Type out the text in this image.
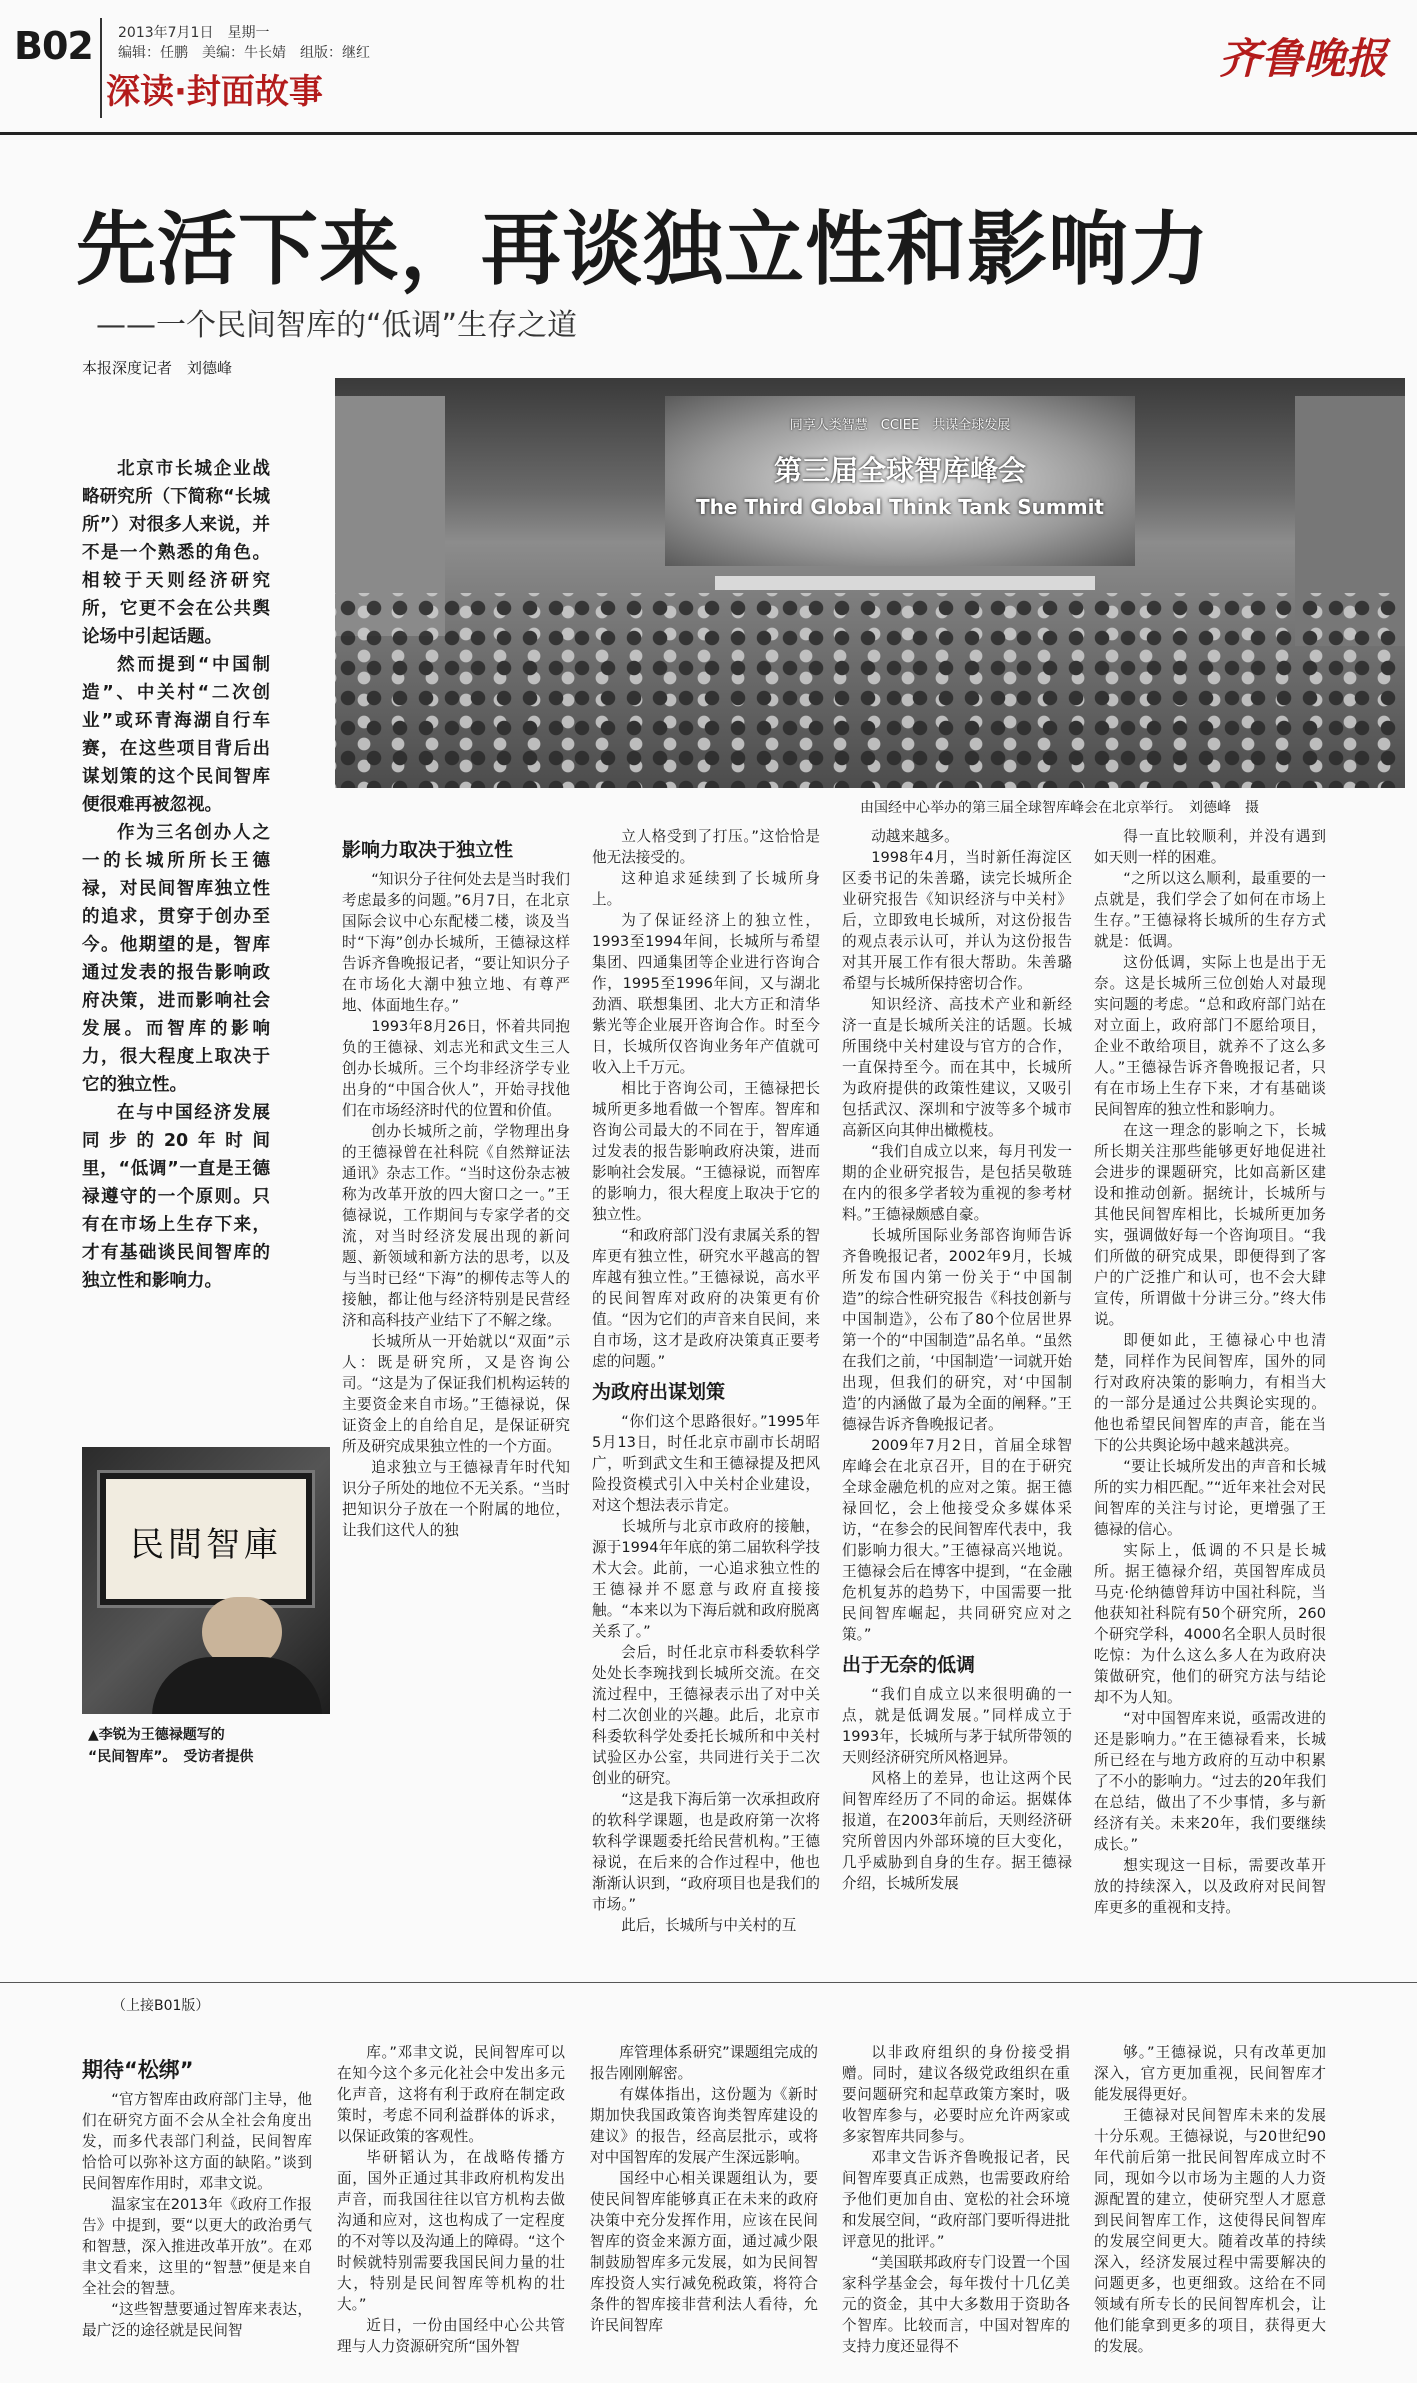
B02 2013年7月1日　星期一
编辑：任鹏　美编：牛长婧　组版：继红
深读·封面故事
齐鲁晚报
先活下来，再谈独立性和影响力
——一个民间智库的“低调”生存之道
本报深度记者　刘德峰

北京市长城企业战略研究所（下简称“长城所”）对很多人来说，并不是一个熟悉的角色。相较于天则经济研究所，它更不会在公共舆论场中引起话题。

然而提到“中国制造”、中关村“二次创业”或环青海湖自行车赛，在这些项目背后出谋划策的这个民间智库便很难再被忽视。

作为三名创办人之一的长城所所长王德禄，对民间智库独立性的追求，贯穿于创办至今。他期望的是，智库通过发表的报告影响政府决策，进而影响社会发展。而智库的影响力，很大程度上取决于它的独立性。

在与中国经济发展同步的20年时间里，“低调”一直是王德禄遵守的一个原则。只有在市场上生存下来，才有基础谈民间智库的独立性和影响力。

同享人类智慧　CCIEE　共谋全球发展
第三届全球智库峰会
The Third Global Think Tank Summit
由国经中心举办的第三届全球智库峰会在北京举行。　刘德峰　摄
民間智庫
▲李锐为王德禄题写的
“民间智库”。　受访者提供
影响力取决于独立性

“知识分子往何处去是当时我们考虑最多的问题。”6月7日，在北京国际会议中心东配楼二楼，谈及当时“下海”创办长城所，王德禄这样告诉齐鲁晚报记者，“要让知识分子在市场化大潮中独立地、有尊严地、体面地生存。”

1993年8月26日，怀着共同抱负的王德禄、刘志光和武文生三人创办长城所。三个均非经济学专业出身的“中国合伙人”，开始寻找他们在市场经济时代的位置和价值。

创办长城所之前，学物理出身的王德禄曾在社科院《自然辩证法通讯》杂志工作。“当时这份杂志被称为改革开放的四大窗口之一。”王德禄说，工作期间与专家学者的交流，对当时经济发展出现的新问题、新领域和新方法的思考，以及与当时已经“下海”的柳传志等人的接触，都让他与经济特别是民营经济和高科技产业结下了不解之缘。

长城所从一开始就以“双面”示人：既是研究所，又是咨询公司。“这是为了保证我们机构运转的主要资金来自市场。”王德禄说，保证资金上的自给自足，是保证研究所及研究成果独立性的一个方面。

追求独立与王德禄青年时代知识分子所处的地位不无关系。“当时把知识分子放在一个附属的地位，让我们这代人的独

立人格受到了打压。”这恰恰是他无法接受的。

这种追求延续到了长城所身上。

为了保证经济上的独立性，1993至1994年间，长城所与希望集团、四通集团等企业进行咨询合作，1995至1996年间，又与湖北劲酒、联想集团、北大方正和清华紫光等企业展开咨询合作。时至今日，长城所仅咨询业务年产值就可收入上千万元。

相比于咨询公司，王德禄把长城所更多地看做一个智库。智库和咨询公司最大的不同在于，智库通过发表的报告影响政府决策，进而影响社会发展。“王德禄说，而智库的影响力，很大程度上取决于它的独立性。

“和政府部门没有隶属关系的智库更有独立性，研究水平越高的智库越有独立性。”王德禄说，高水平的民间智库对政府的决策更有价值。“因为它们的声音来自民间，来自市场，这才是政府决策真正要考虑的问题。”

为政府出谋划策

“你们这个思路很好。”1995年5月13日，时任北京市副市长胡昭广，听到武文生和王德禄提及把风险投资模式引入中关村企业建设，对这个想法表示肯定。

长城所与北京市政府的接触，源于1994年年底的第二届软科学技术大会。此前，一心追求独立性的王德禄并不愿意与政府直接接触。“本来以为下海后就和政府脱离关系了。”

会后，时任北京市科委软科学处处长李琬找到长城所交流。在交流过程中，王德禄表示出了对中关村二次创业的兴趣。此后，北京市科委软科学处委托长城所和中关村试验区办公室，共同进行关于二次创业的研究。

“这是我下海后第一次承担政府的软科学课题，也是政府第一次将软科学课题委托给民营机构。”王德禄说，在后来的合作过程中，他也渐渐认识到，“政府项目也是我们的市场。”

此后，长城所与中关村的互

动越来越多。

1998年4月，当时新任海淀区区委书记的朱善璐，读完长城所企业研究报告《知识经济与中关村》后，立即致电长城所，对这份报告的观点表示认可，并认为这份报告对其开展工作有很大帮助。朱善璐希望与长城所保持密切合作。

知识经济、高技术产业和新经济一直是长城所关注的话题。长城所围绕中关村建设与官方的合作，一直保持至今。而在其中，长城所为政府提供的政策性建议，又吸引包括武汉、深圳和宁波等多个城市高新区向其伸出橄榄枝。

“我们自成立以来，每月刊发一期的企业研究报告，是包括吴敬琏在内的很多学者较为重视的参考材料。”王德禄颇感自豪。

长城所国际业务部咨询师告诉齐鲁晚报记者，2002年9月，长城所发布国内第一份关于“中国制造”的综合性研究报告《科技创新与中国制造》，公布了80个位居世界第一个的“中国制造”品名单。“虽然在我们之前，‘中国制造’一词就开始出现，但我们的研究，对‘中国制造’的内涵做了最为全面的阐释。”王德禄告诉齐鲁晚报记者。

2009年7月2日，首届全球智库峰会在北京召开，目的在于研究全球金融危机的应对之策。据王德禄回忆，会上他接受众多媒体采访，“在参会的民间智库代表中，我们影响力很大。”王德禄高兴地说。王德禄会后在博客中提到，“在金融危机复苏的趋势下，中国需要一批民间智库崛起，共同研究应对之策。”

出于无奈的低调

“我们自成立以来很明确的一点，就是低调发展。”同样成立于1993年，长城所与茅于轼所带领的天则经济研究所风格迥异。

风格上的差异，也让这两个民间智库经历了不同的命运。据媒体报道，在2003年前后，天则经济研究所曾因内外部环境的巨大变化，几乎威胁到自身的生存。据王德禄介绍，长城所发展

得一直比较顺利，并没有遇到如天则一样的困难。

“之所以这么顺利，最重要的一点就是，我们学会了如何在市场上生存。”王德禄将长城所的生存方式就是：低调。

这份低调，实际上也是出于无奈。这是长城所三位创始人对最现实问题的考虑。“总和政府部门站在对立面上，政府部门不愿给项目，企业不敢给项目，就养不了这么多人。”王德禄告诉齐鲁晚报记者，只有在市场上生存下来，才有基础谈民间智库的独立性和影响力。

在这一理念的影响之下，长城所长期关注那些能够更好地促进社会进步的课题研究，比如高新区建设和推动创新。据统计，长城所与其他民间智库相比，长城所更加务实，强调做好每一个咨询项目。“我们所做的研究成果，即便得到了客户的广泛推广和认可，也不会大肆宣传，所谓做十分讲三分。”终大伟说。

即便如此，王德禄心中也清楚，同样作为民间智库，国外的同行对政府决策的影响力，有相当大的一部分是通过公共舆论实现的。他也希望民间智库的声音，能在当下的公共舆论场中越来越洪亮。

“要让长城所发出的声音和长城所的实力相匹配。”“近年来社会对民间智库的关注与讨论，更增强了王德禄的信心。

实际上，低调的不只是长城所。据王德禄介绍，英国智库成员马克·伦纳德曾拜访中国社科院，当他获知社科院有50个研究所，260个研究学科，4000名全职人员时很吃惊：为什么这么多人在为政府决策做研究，他们的研究方法与结论却不为人知。

“对中国智库来说，亟需改进的还是影响力。”在王德禄看来，长城所已经在与地方政府的互动中积累了不小的影响力。“过去的20年我们在总结，做出了不少事情，多与新经济有关。未来20年，我们要继续成长。”

想实现这一目标，需要改革开放的持续深入，以及政府对民间智库更多的重视和支持。

（上接B01版）
期待“松绑”

“官方智库由政府部门主导，他们在研究方面不会从全社会角度出发，而多代表部门利益，民间智库恰恰可以弥补这方面的缺陷。”谈到民间智库作用时，邓聿文说。

温家宝在2013年《政府工作报告》中提到，要“以更大的政治勇气和智慧，深入推进改革开放”。在邓聿文看来，这里的“智慧”便是来自全社会的智慧。

“这些智慧要通过智库来表达，最广泛的途径就是民间智

库。”邓聿文说，民间智库可以在知今这个多元化社会中发出多元化声音，这将有利于政府在制定政策时，考虑不同利益群体的诉求，以保证政策的客观性。

毕研韬认为，在战略传播方面，国外正通过其非政府机构发出声音，而我国往往以官方机构去做沟通和应对，这也构成了一定程度的不对等以及沟通上的障碍。“这个时候就特别需要我国民间力量的壮大，特别是民间智库等机构的壮大。”

近日，一份由国经中心公共管理与人力资源研究所“国外智

库管理体系研究”课题组完成的报告刚刚解密。

有媒体指出，这份题为《新时期加快我国政策咨询类智库建设的建议》的报告，经高层批示，或将对中国智库的发展产生深远影响。

国经中心相关课题组认为，要使民间智库能够真正在未来的政府决策中充分发挥作用，应该在民间智库的资金来源方面，通过减少限制鼓励智库多元发展，如为民间智库投资人实行减免税政策，将符合条件的智库接非营利法人看待，允许民间智库

以非政府组织的身份接受捐赠。同时，建议各级党政组织在重要问题研究和起草政策方案时，吸收智库参与，必要时应允许两家或多家智库共同参与。

邓聿文告诉齐鲁晚报记者，民间智库要真正成熟，也需要政府给予他们更加自由、宽松的社会环境和发展空间，“政府部门要听得进批评意见的批评。”

“美国联邦政府专门设置一个国家科学基金会，每年拨付十几亿美元的资金，其中大多数用于资助各个智库。比较而言，中国对智库的支持力度还显得不

够。”王德禄说，只有改革更加深入，官方更加重视，民间智库才能发展得更好。

王德禄对民间智库未来的发展十分乐观。王德禄说，与20世纪90年代前后第一批民间智库成立时不同，现如今以市场为主题的人力资源配置的建立，使研究型人才愿意到民间智库工作，这使得民间智库的发展空间更大。随着改革的持续深入，经济发展过程中需要解决的问题更多，也更细致。这给在不同领域有所专长的民间智库机会，让他们能拿到更多的项目，获得更大的发展。
